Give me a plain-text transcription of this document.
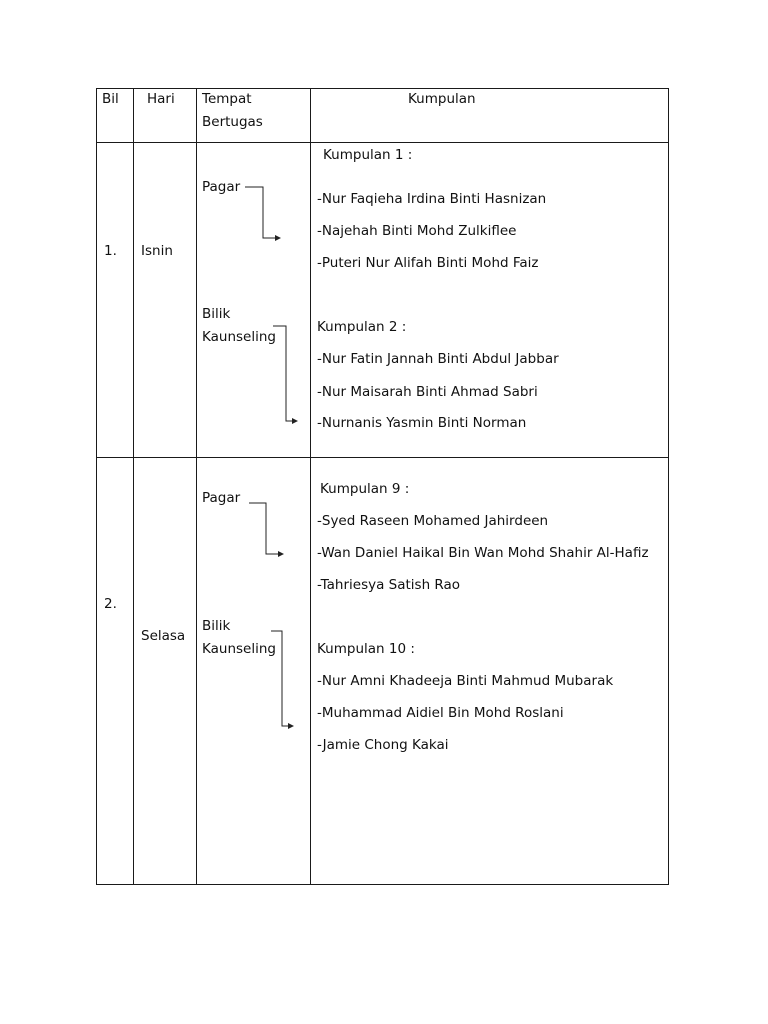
Bil Hari Tempat
Bertugas
Kumpulan
1. Isnin
Pagar
Bilik
Kaunseling
Kumpulan 1 :
-Nur Faqieha Irdina Binti Hasnizan
-Najehah Binti Mohd Zulkiflee
-Puteri Nur Alifah Binti Mohd Faiz
Kumpulan 2 :
-Nur Fatin Jannah Binti Abdul Jabbar
-Nur Maisarah Binti Ahmad Sabri
-Nurnanis Yasmin Binti Norman
2.
Selasa
Pagar
Bilik
Kaunseling
Kumpulan 9 :
-Syed Raseen Mohamed Jahirdeen
-Wan Daniel Haikal Bin Wan Mohd Shahir Al-Hafiz
-Tahriesya Satish Rao
Kumpulan 10 :
-Nur Amni Khadeeja Binti Mahmud Mubarak
-Muhammad Aidiel Bin Mohd Roslani
-Jamie Chong Kakai
